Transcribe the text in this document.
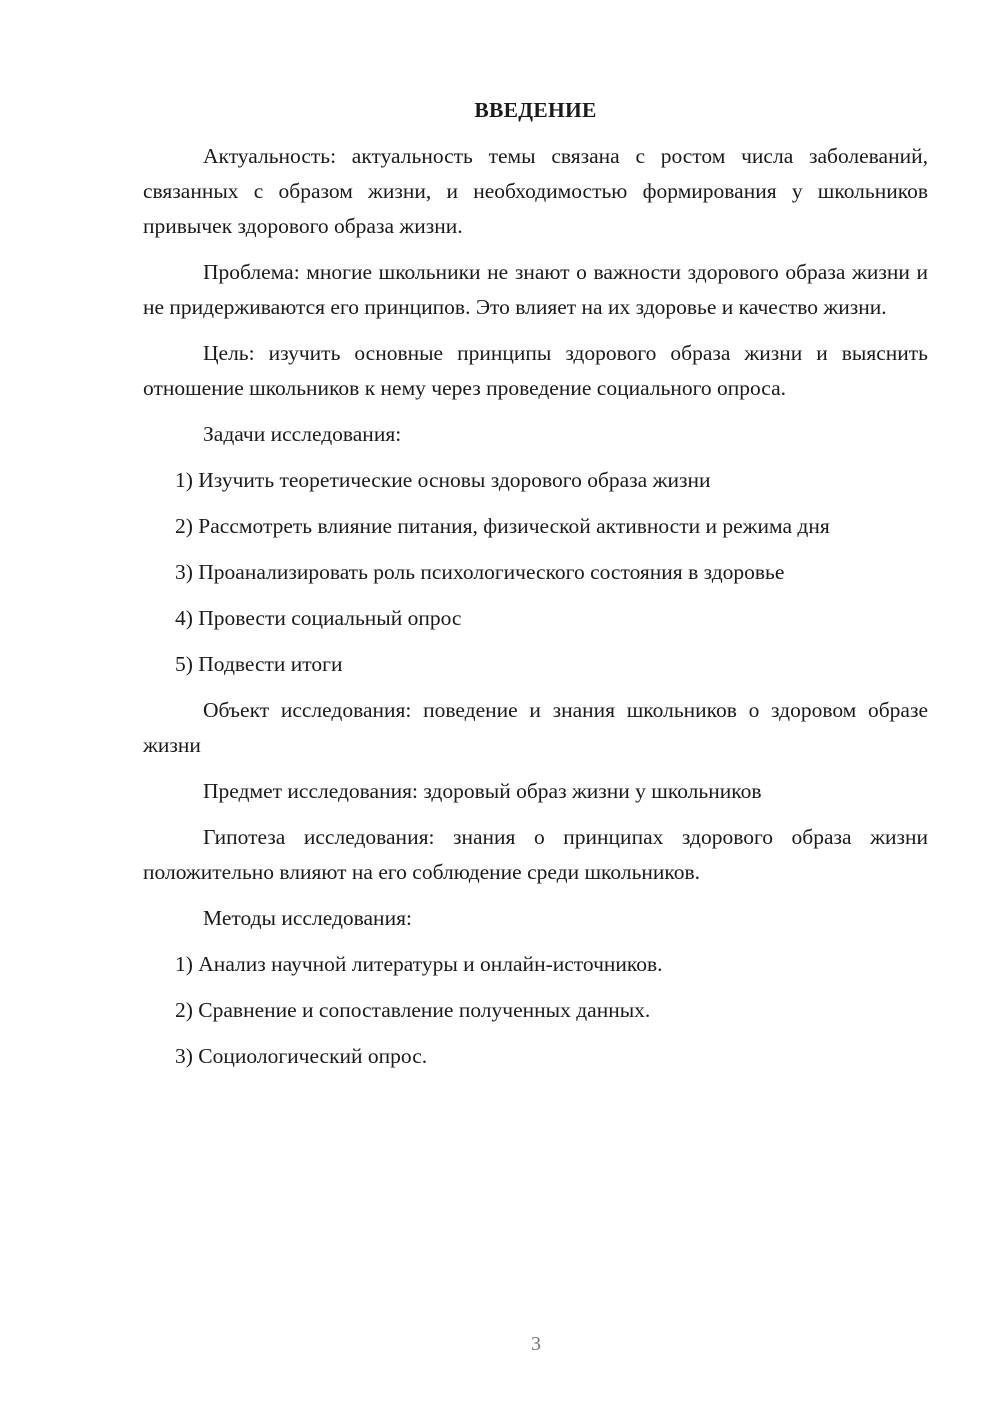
ВВЕДЕНИЕ

Актуальность: актуальность темы связана с ростом числа заболеваний, связанных с образом жизни, и необходимостью формирования у школьников привычек здорового образа жизни.

Проблема: многие школьники не знают о важности здорового образа жизни и не придерживаются его принципов. Это влияет на их здоровье и качество жизни.

Цель: изучить основные принципы здорового образа жизни и выяснить отношение школьников к нему через проведение социального опроса.

Задачи исследования:

1) Изучить теоретические основы здорового образа жизни
2) Рассмотреть влияние питания, физической активности и режима дня
3) Проанализировать роль психологического состояния в здоровье
4) Провести социальный опрос
5) Подвести итоги

Объект исследования: поведение и знания школьников о здоровом образе жизни

Предмет исследования: здоровый образ жизни у школьников

Гипотеза исследования: знания о принципах здорового образа жизни положительно влияют на его соблюдение среди школьников.

Методы исследования:

1) Анализ научной литературы и онлайн-источников.
2) Сравнение и сопоставление полученных данных.
3) Социологический опрос.
3
